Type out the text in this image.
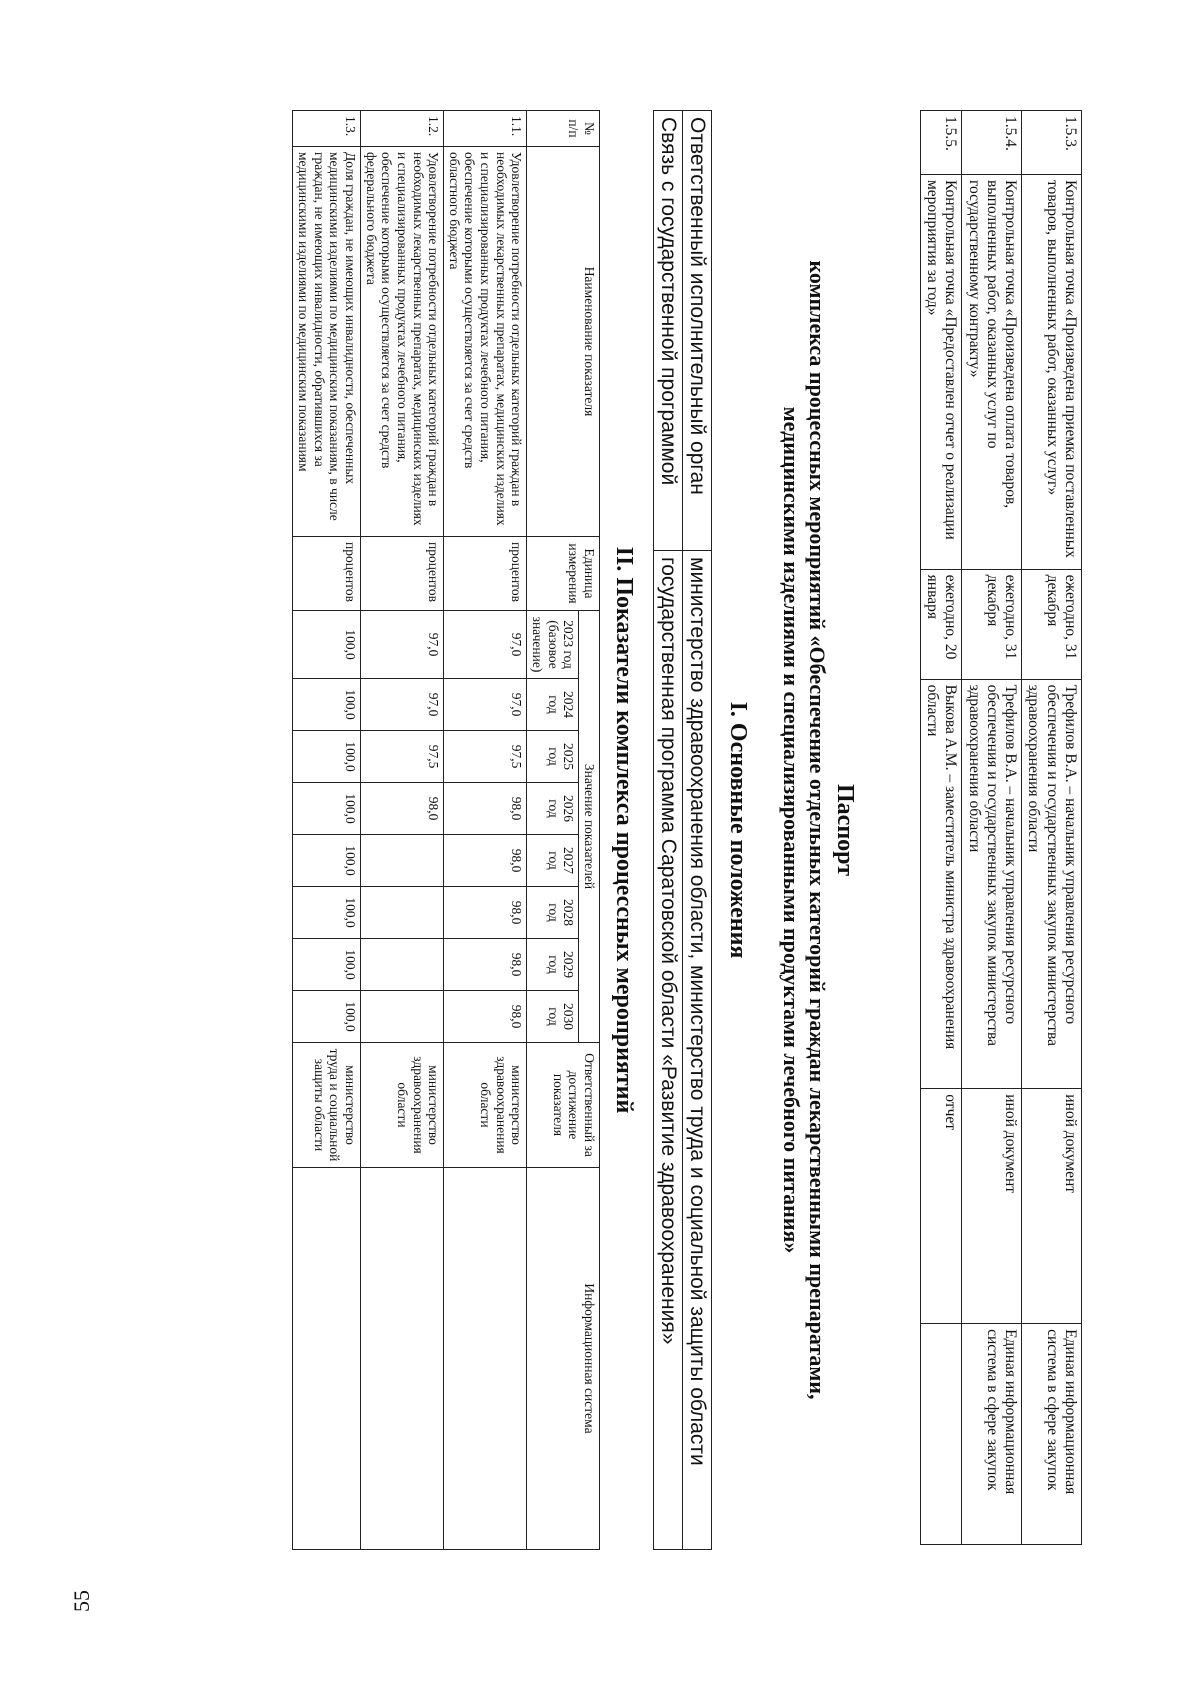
55
1.5.3.	Контрольная точка «Произведена приемка поставленных товаров, выполненных работ, оказанных услуг»	ежегодно, 31 декабря	Трефилов В.А. – начальник управления ресурсного обеспечения и государственных закупок министерства здравоохранения области	иной документ	Единая информационная система в сфере закупок
1.5.4.	Контрольная точка «Произведена оплата товаров, выполненных работ, оказанных услуг по государственному контракту»	ежегодно, 31 декабря	Трефилов В.А. – начальник управления ресурсного обеспечения и государственных закупок министерства здравоохранения области	иной документ	Единая информационная система в сфере закупок
1.5.5.	Контрольная точка «Предоставлен отчет о реализации мероприятия за год»	ежегодно, 20 января	Выкова А.М. – заместитель министра здравоохранения области	отчет	
Паспорт
комплекса процессных мероприятий «Обеспечение отдельных категорий граждан лекарственными препаратами,
медицинскими изделиями и специализированными продуктами лечебного питания»
I. Основные положения
Ответственный исполнительный орган	министерство здравоохранения области, министерство труда и социальной защиты области
Связь с государственной программой	государственная программа Саратовской области «Развитие здравоохранения»
II. Показатели комплекса процессных мероприятий
№ п/п	Наименование показателя	Единица измерения	Значение показателей								Ответственный за достижение показателя	Информационная система
			2023 год (базовое значение)	2024 год	2025 год	2026 год	2027 год	2028 год	2029 год	2030 год		
1.1.	Удовлетворение потребности отдельных категорий граждан в необходимых лекарственных препаратах, медицинских изделиях и специализированных продуктах лечебного питания, обеспечение которыми осуществляется за счет средств областного бюджета	процентов	97,0	97,0	97,5	98,0	98,0	98,0	98,0	98,0	министерство здравоохранения области	
1.2.	Удовлетворение потребности отдельных категорий граждан в необходимых лекарственных препаратах, медицинских изделиях и специализированных продуктах лечебного питания, обеспечение которыми осуществляется за счет средств федерального бюджета	процентов	97,0	97,0	97,5	98,0					министерство здравоохранения области	
1.3.	Доля граждан, не имеющих инвалидности, обеспеченных медицинскими изделиями по медицинским показаниям, в числе граждан, не имеющих инвалидности, обратившихся за медицинскими изделиями по медицинским показаниям	процентов	100,0	100,0	100,0	100,0	100,0	100,0	100,0	100,0	министерство труда и социальной защиты области	
